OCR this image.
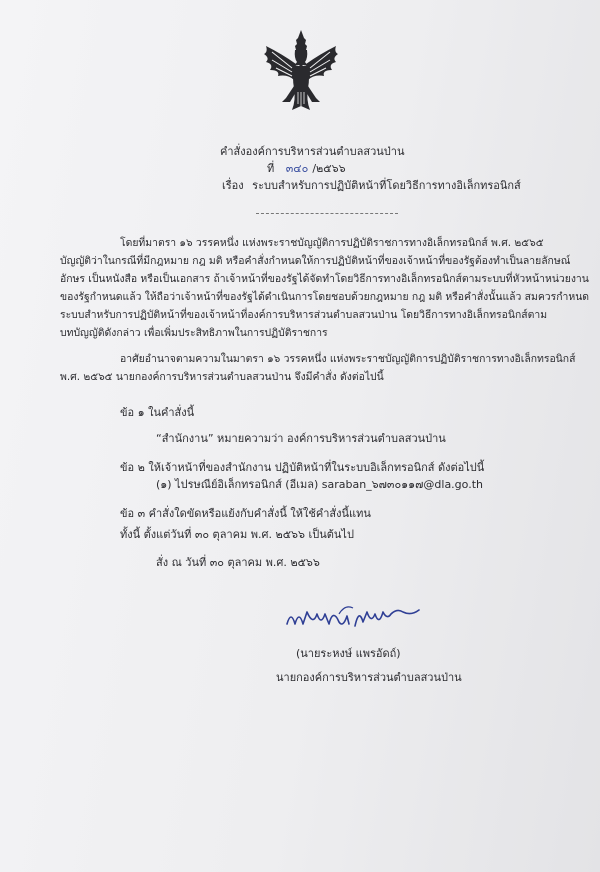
คำสั่งองค์การบริหารส่วนตำบลสวนป่าน
ที่ ๓๔๐ /๒๕๖๖
เรื่อง ระบบสำหรับการปฏิบัติหน้าที่โดยวิธีการทางอิเล็กทรอนิกส์
โดยที่มาตรา ๑๖ วรรคหนึ่ง แห่งพระราชบัญญัติการปฏิบัติราชการทางอิเล็กทรอนิกส์ พ.ศ. ๒๕๖๕
บัญญัติว่าในกรณีที่มีกฎหมาย กฎ มติ หรือคำสั่งกำหนดให้การปฏิบัติหน้าที่ของเจ้าหน้าที่ของรัฐต้องทำเป็นลายลักษณ์
อักษร เป็นหนังสือ หรือเป็นเอกสาร ถ้าเจ้าหน้าที่ของรัฐได้จัดทำโดยวิธีการทางอิเล็กทรอนิกส์ตามระบบที่หัวหน้าหน่วยงาน
ของรัฐกำหนดแล้ว ให้ถือว่าเจ้าหน้าที่ของรัฐได้ดำเนินการโดยชอบด้วยกฎหมาย กฎ มติ หรือคำสั่งนั้นแล้ว สมควรกำหนด
ระบบสำหรับการปฏิบัติหน้าที่ของเจ้าหน้าที่องค์การบริหารส่วนตำบลสวนป่าน โดยวิธีการทางอิเล็กทรอนิกส์ตาม
บทบัญญัติดังกล่าว เพื่อเพิ่มประสิทธิภาพในการปฏิบัติราชการ
อาศัยอำนาจตามความในมาตรา ๑๖ วรรคหนึ่ง แห่งพระราชบัญญัติการปฏิบัติราชการทางอิเล็กทรอนิกส์
พ.ศ. ๒๕๖๕ นายกองค์การบริหารส่วนตำบลสวนป่าน จึงมีคำสั่ง ดังต่อไปนี้
ข้อ ๑ ในคำสั่งนี้
“สำนักงาน” หมายความว่า องค์การบริหารส่วนตำบลสวนป่าน
ข้อ ๒ ให้เจ้าหน้าที่ของสำนักงาน ปฏิบัติหน้าที่ในระบบอิเล็กทรอนิกส์ ดังต่อไปนี้
(๑) ไปรษณีย์อิเล็กทรอนิกส์ (อีเมล) saraban_๖๗๓๐๑๑๗@dla.go.th
ข้อ ๓ คำสั่งใดขัดหรือแย้งกับคำสั่งนี้ ให้ใช้คำสั่งนี้แทน
ทั้งนี้ ตั้งแต่วันที่ ๓๐ ตุลาคม พ.ศ. ๒๕๖๖ เป็นต้นไป
สั่ง ณ วันที่ ๓๐ ตุลาคม พ.ศ. ๒๕๖๖
(นายระหงษ์ แพรอัดถ์)
นายกองค์การบริหารส่วนตำบลสวนป่าน
